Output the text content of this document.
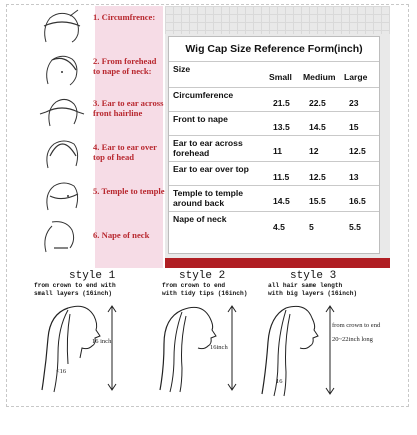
1. Circumfrence:
2. From forehead to nape of neck:
3. Ear to ear across front hairline
4. Ear to ear over top of head
5. Temple to temple
6. Nape of neck
Wig Cap Size Reference Form(inch)
Size
Small Medium Large
Circumference
21.5 22.5	23
Front to nape
13.5 14.5	15
Ear to ear across forehead	11	12	12.5
Ear to ear over top
11.5 12.5	13
Temple to temple around back	14.5 15.5	16.5
Nape of neck
4.5	5	5.5
style 1
from crown to end with
small layers (16inch)
style 2
from crown to end
with tidy tips (16inch)
style 3
all hair same length
with big layers (16inch)
16 inch
<16
16inch
from crown to end
20~22inch long
16
